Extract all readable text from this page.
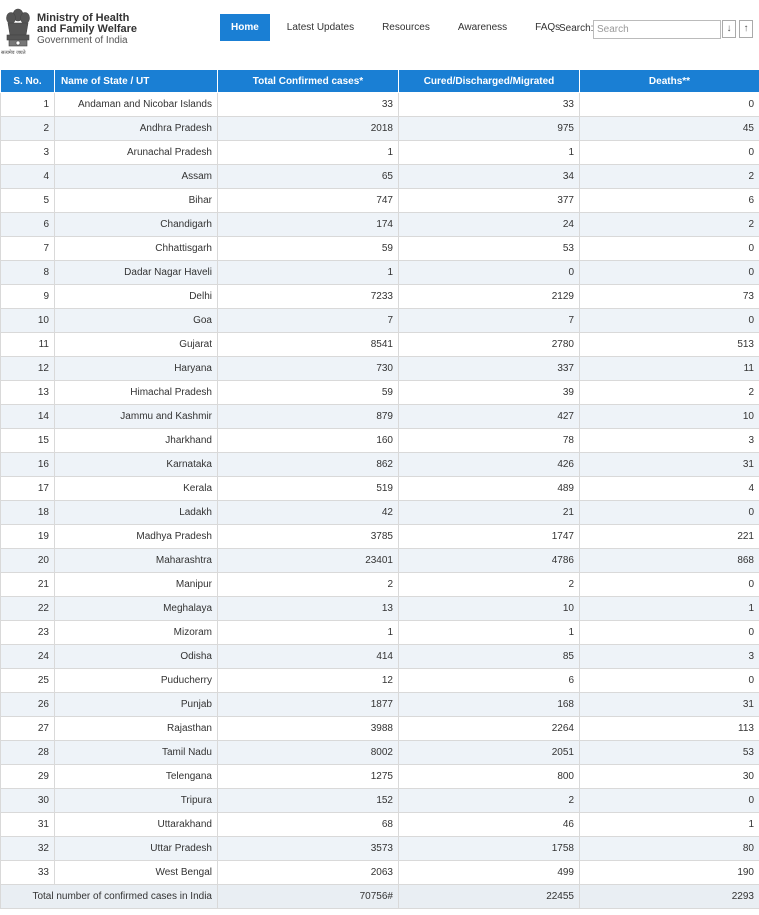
सत्यमेव जयते
Ministry of Health
and Family Welfare
Government of India
Home	Latest Updates	Resources	Awareness	FAQs
Search:
Search	↓	↑
S. No.	Name of State / UT	Total Confirmed cases*	Cured/Discharged/Migrated	Deaths**
1	Andaman and Nicobar Islands	33	33	0
2	Andhra Pradesh	2018	975	45
3	Arunachal Pradesh	1	1	0
4	Assam	65	34	2
5	Bihar	747	377	6
6	Chandigarh	174	24	2
7	Chhattisgarh	59	53	0
8	Dadar Nagar Haveli	1	0	0
9	Delhi	7233	2129	73
10	Goa	7	7	0
11	Gujarat	8541	2780	513
12	Haryana	730	337	11
13	Himachal Pradesh	59	39	2
14	Jammu and Kashmir	879	427	10
15	Jharkhand	160	78	3
16	Karnataka	862	426	31
17	Kerala	519	489	4
18	Ladakh	42	21	0
19	Madhya Pradesh	3785	1747	221
20	Maharashtra	23401	4786	868
21	Manipur	2	2	0
22	Meghalaya	13	10	1
23	Mizoram	1	1	0
24	Odisha	414	85	3
25	Puducherry	12	6	0
26	Punjab	1877	168	31
27	Rajasthan	3988	2264	113
28	Tamil Nadu	8002	2051	53
29	Telengana	1275	800	30
30	Tripura	152	2	0
31	Uttarakhand	68	46	1
32	Uttar Pradesh	3573	1758	80
33	West Bengal	2063	499	190
Total number of confirmed cases in India		70756#	22455	2293
